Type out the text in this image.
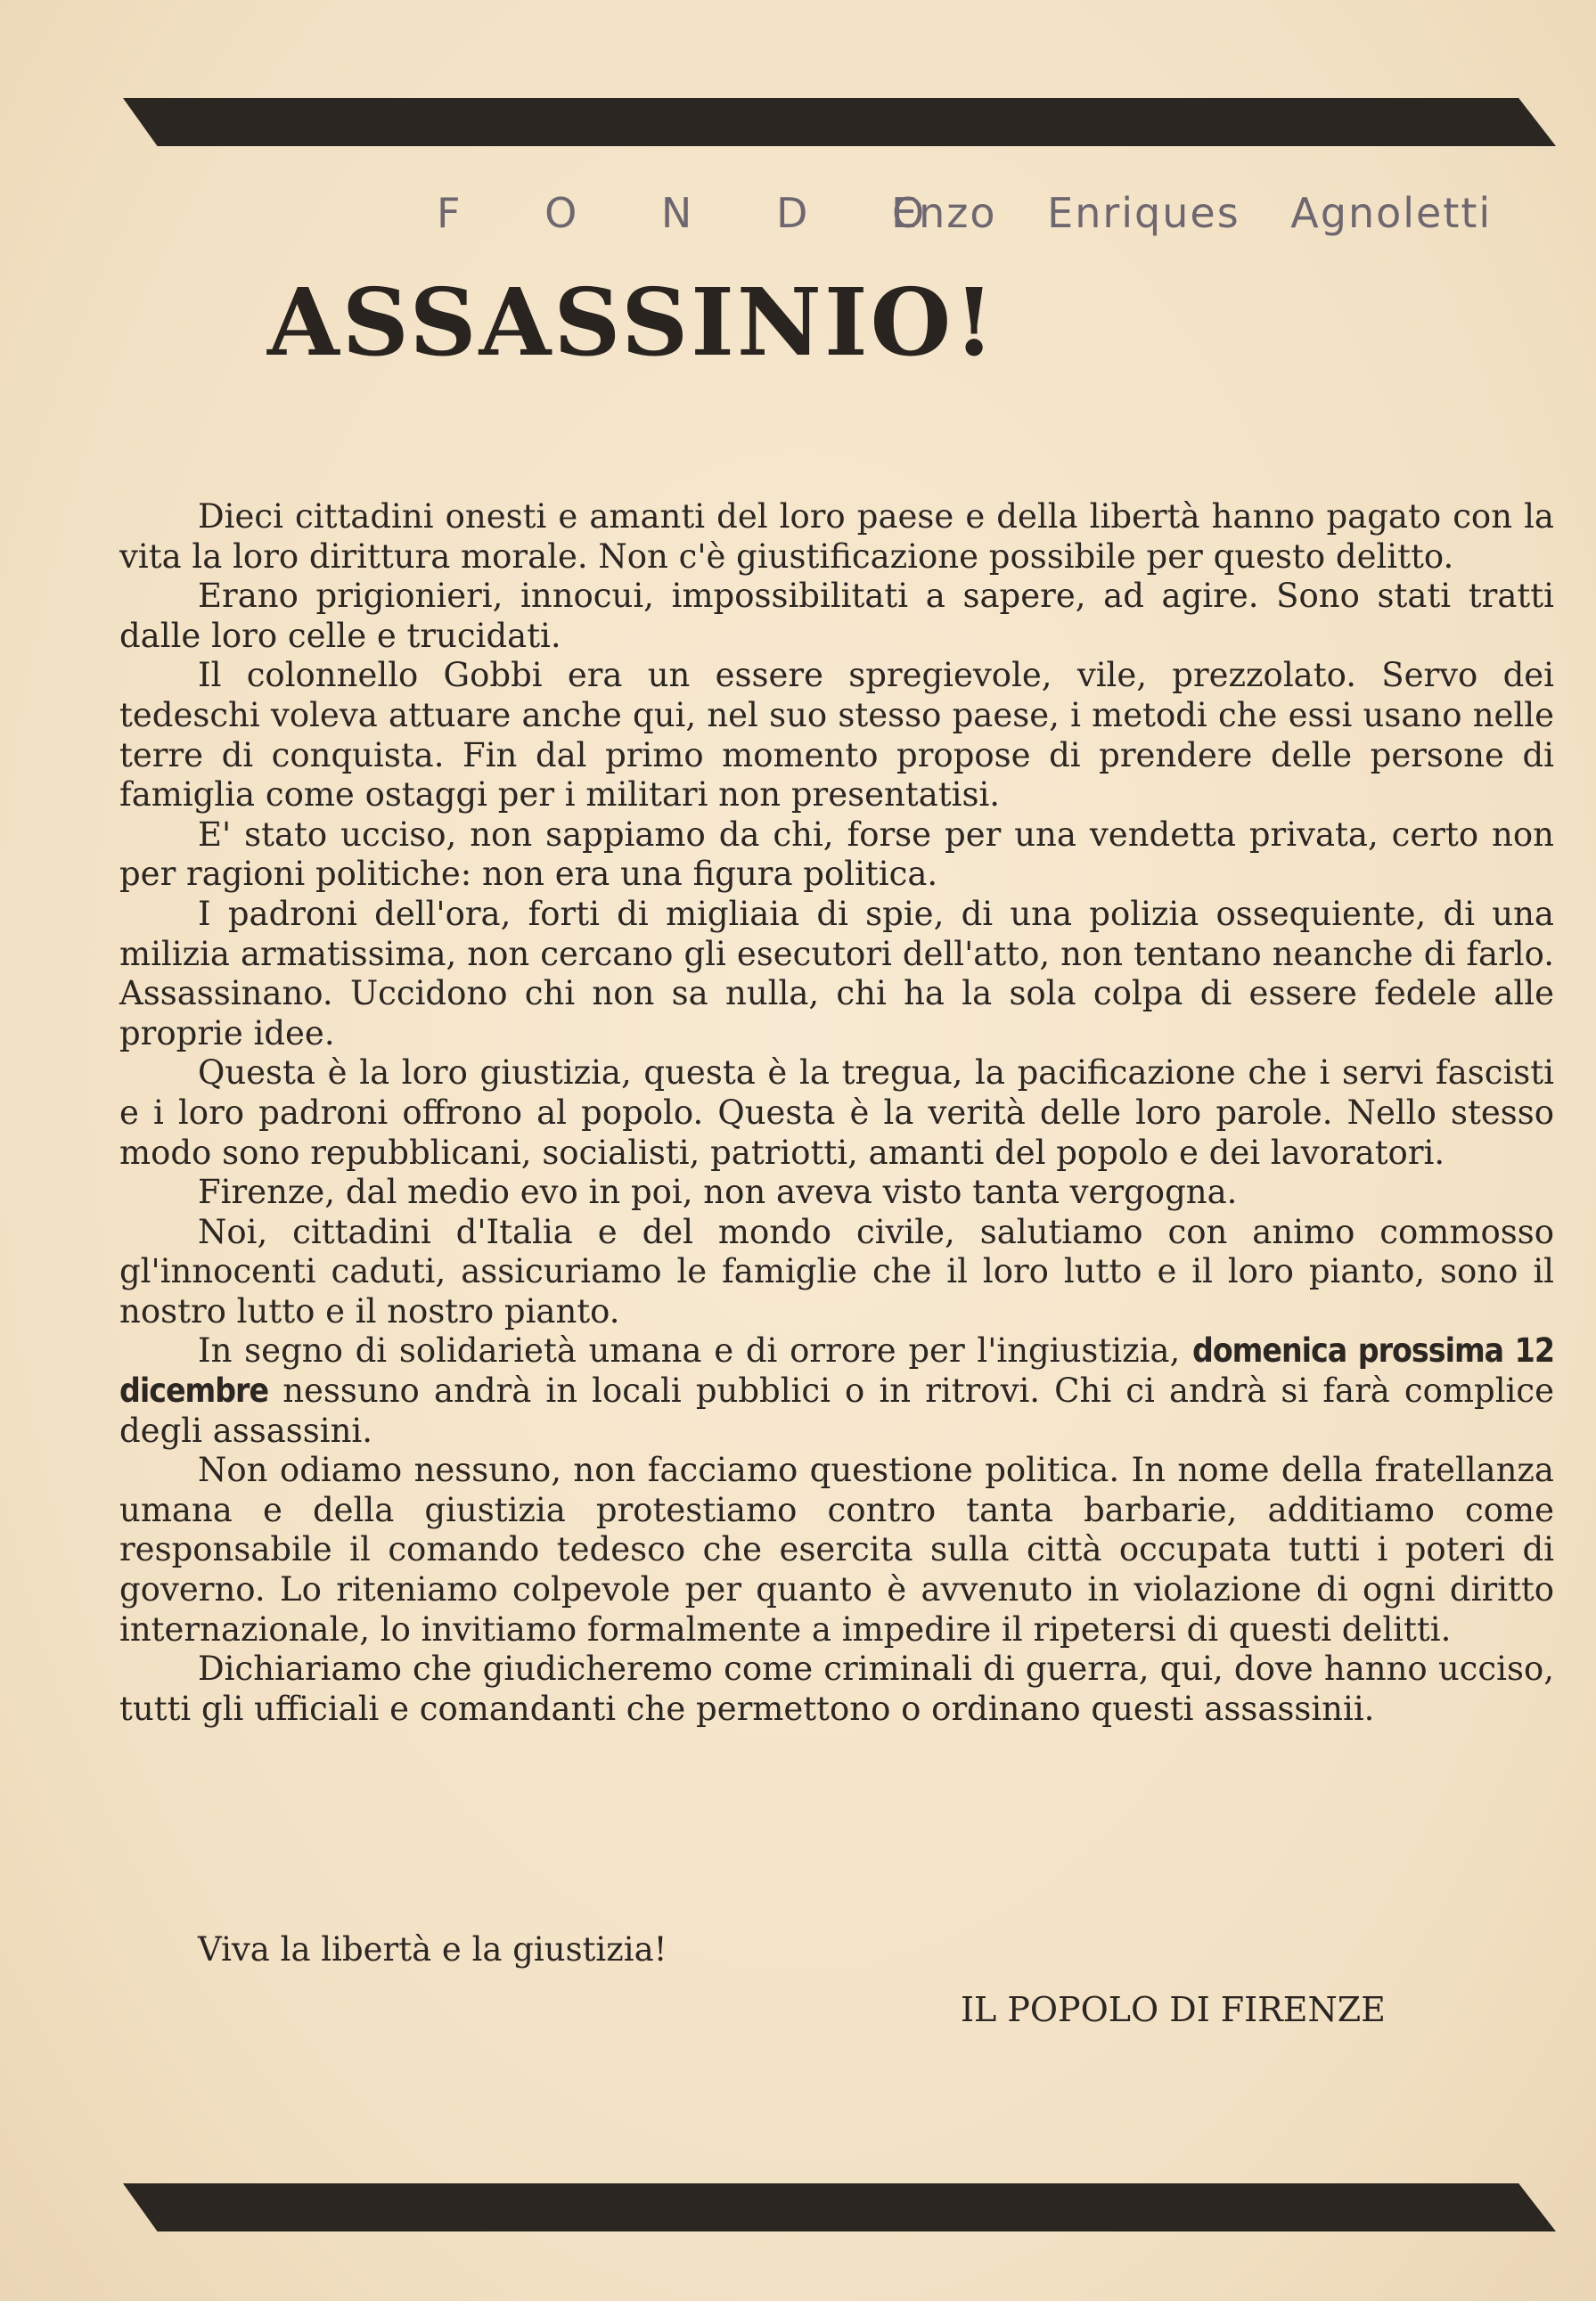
F O N D O
Enzo Enriques Agnoletti
ASSASSINIO!

Dieci cittadini onesti e amanti del loro paese e della libertà hanno pagato con la vita la loro dirittura morale. Non c'è giustificazione possibile per questo delitto.

Erano prigionieri, innocui, impossibilitati a sapere, ad agire. Sono stati tratti dalle loro celle e trucidati.

Il colonnello Gobbi era un essere spregievole, vile, prezzolato. Servo dei tedeschi voleva attuare anche qui, nel suo stesso paese, i metodi che essi usano nelle terre di conquista. Fin dal primo momento propose di prendere delle persone di famiglia come ostaggi per i militari non presentatisi.

E' stato ucciso, non sappiamo da chi, forse per una vendetta privata, certo non per ragioni politiche: non era una figura politica.

I padroni dell'ora, forti di migliaia di spie, di una polizia ossequiente, di una milizia armatissima, non cercano gli esecutori dell'atto, non tentano neanche di farlo. Assassinano. Uccidono chi non sa nulla, chi ha la sola colpa di essere fedele alle proprie idee.

Questa è la loro giustizia, questa è la tregua, la pacificazione che i servi fascisti e i loro padroni offrono al popolo. Questa è la verità delle loro parole. Nello stesso modo sono repubblicani, socialisti, patriotti, amanti del popolo e dei lavoratori.

Firenze, dal medio evo in poi, non aveva visto tanta vergogna.

Noi, cittadini d'Italia e del mondo civile, salutiamo con animo commosso gl'innocenti caduti, assicuriamo le famiglie che il loro lutto e il loro pianto, sono il nostro lutto e il nostro pianto.

In segno di solidarietà umana e di orrore per l'ingiustizia, domenica prossima 12 dicembre nessuno andrà in locali pubblici o in ritrovi. Chi ci andrà si farà complice degli assassini.

Non odiamo nessuno, non facciamo questione politica. In nome della fratellanza umana e della giustizia protestiamo contro tanta barbarie, additiamo come responsabile il comando tedesco che esercita sulla città occupata tutti i poteri di governo. Lo riteniamo colpevole per quanto è avvenuto in violazione di ogni diritto internazionale, lo invitiamo formalmente a impedire il ripetersi di questi delitti.

Dichiariamo che giudicheremo come criminali di guerra, qui, dove hanno ucciso, tutti gli ufficiali e comandanti che permettono o ordinano questi assassinii.

Viva la libertà e la giustizia!
IL POPOLO DI FIRENZE
